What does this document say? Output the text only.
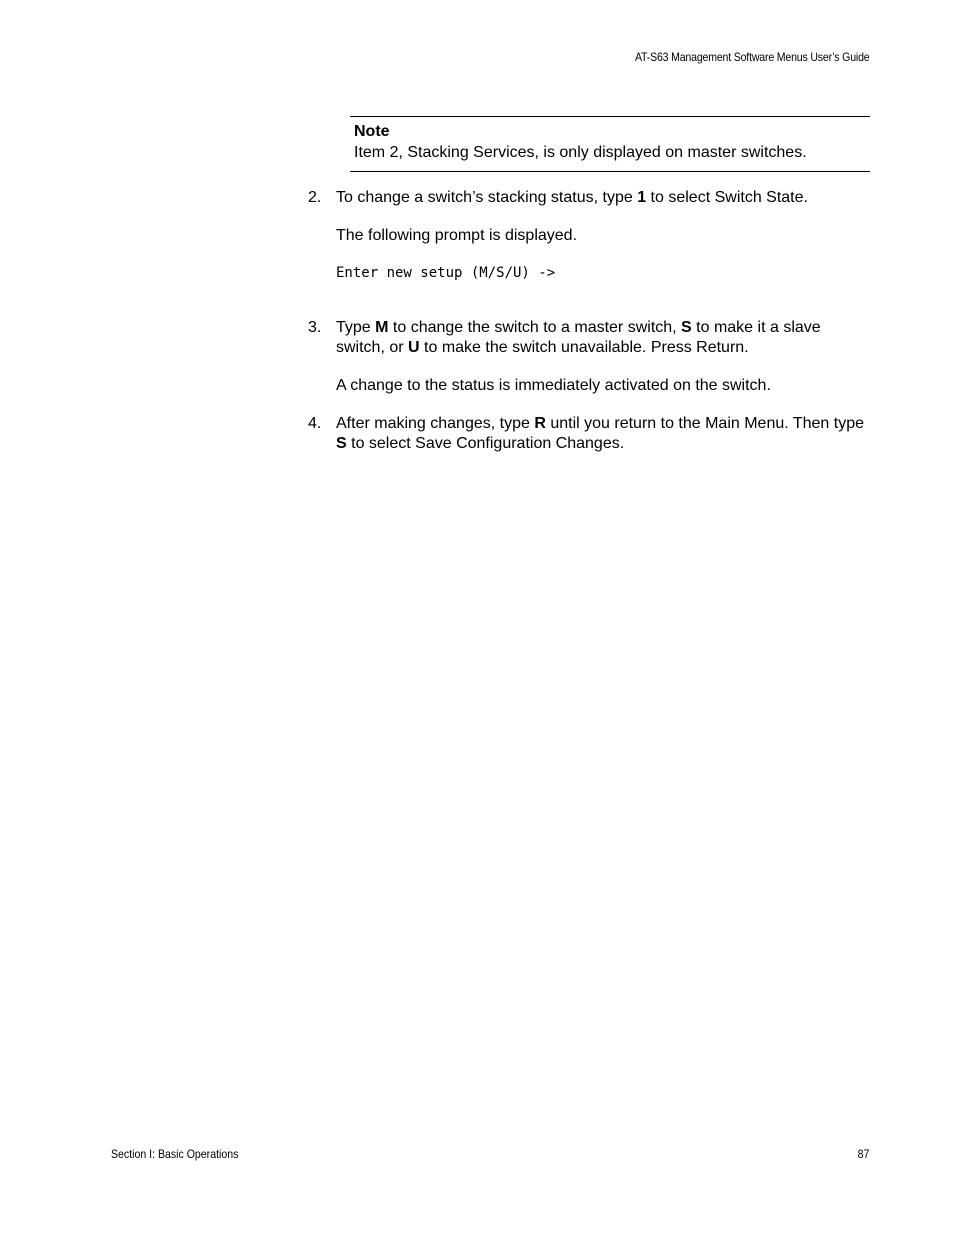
AT-S63 Management Software Menus User’s Guide
Note
Item 2, Stacking Services, is only displayed on master switches.
2. To change a switch’s stacking status, type 1 to select Switch State.

The following prompt is displayed.

Enter new setup (M/S/U) ->
3. Type M to change the switch to a master switch, S to make it a slave switch, or U to make the switch unavailable. Press Return.

A change to the status is immediately activated on the switch.

4. After making changes, type R until you return to the Main Menu. Then type S to select Save Configuration Changes.

Section I: Basic Operations	87
